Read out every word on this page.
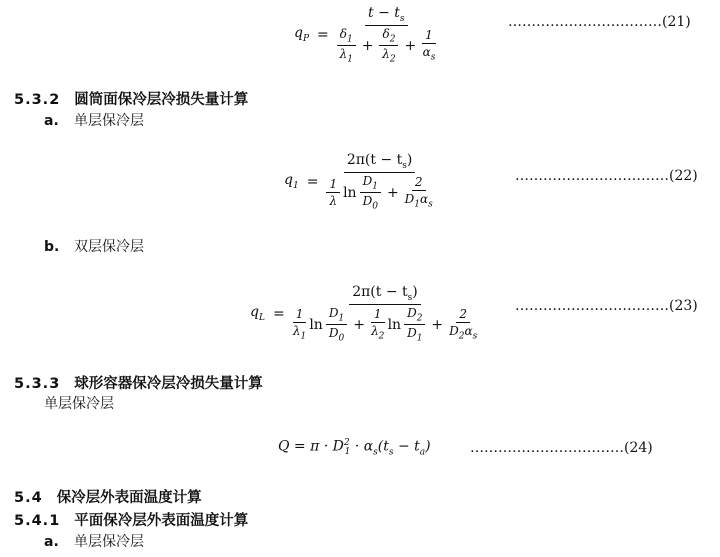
$q_P = \frac{t - t_s}{\frac{\delta_1}{\lambda_1} + \frac{\delta_2}{\lambda_2} + \frac{1}{\alpha_s}}$	……………………………(21)
5.3.2 圆筒面保冷层冷损失量计算
a. 单层保冷层
$q_1 = \frac{2\pi(t - t_s)}{\frac{1}{\lambda} \ln \frac{D_1}{D_0} + \frac{2}{D_1\alpha_s}}$	……………………………(22)
b. 双层保冷层
$q_L$ =
$2\pi(t - t_s)$
$\frac{1}{\lambda_1}$ $\ln \frac{D_1}{D_0} + \frac{1}{\lambda_2}$ $\ln \frac{D_2}{D_1} + \frac{2}{D_2\alpha_s}$
……………………………(23)
5.3.3 球形容器保冷层冷损失量计算
单层保冷层
$Q = \pi \cdot D^2_1 \cdot \alpha_s(t_s - t_a)$	……………………………(24)
5.4 保冷层外表面温度计算
5.4.1 平面保冷层外表面温度计算
a. 单层保冷层
